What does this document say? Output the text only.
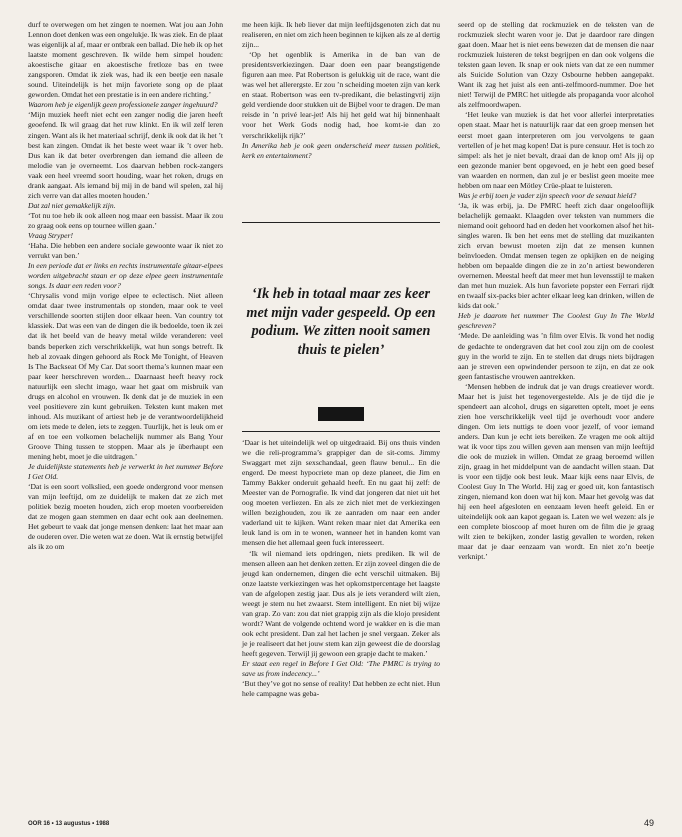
durf te overwegen om het zingen te noemen. Wat jou aan John Lennon doet denken was een ongelukje. Ik was ziek. En de plaat was eigenlijk al af, maar er ontbrak een ballad. Die heb ik op het laatste moment geschreven. Ik wilde hem simpel houden: akoestische gitaar en akoestische fretloze bas en twee zangsporen. Omdat ik ziek was, had ik een beetje een nasale sound. Uiteindelijk is het mijn favoriete song op de plaat geworden. Omdat het een prestatie is in een andere richting.’

Waarom heb je eigenlijk geen professionele zanger ingehuurd?

‘Mijn muziek heeft niet echt een zanger nodig die jaren heeft geoefend. Ik wil graag dat het ruw klinkt. En ik wil zelf leren zingen. Want als ik het materiaal schrijf, denk ik ook dat ik het ’t best kan zingen. Omdat ik het beste weet waar ik ’t over heb. Dus kan ik dat beter overbrengen dan iemand die alleen de melodie van je overneemt. Los daarvan hebben rock-zangers vaak een heel vreemd soort houding, waar het roken, drugs en drank aangaat. Als iemand bij mij in de band wil spelen, zal hij zich verre van dat alles moeten houden.’

Dat zal niet gemakkelijk zijn.

‘Tot nu toe heb ik ook alleen nog maar een bassist. Maar ik zou zo graag ook eens op tournee willen gaan.’

Vraag Stryper!

‘Haha. Die hebben een andere sociale gewoonte waar ik niet zo verrukt van ben.’

In een periode dat er links en rechts instrumentale gitaar-elpees worden uitgebracht staan er op deze elpee geen instrumentale songs. Is daar een reden voor?

‘Chrysalis vond mijn vorige elpee te eclectisch. Niet alleen omdat daar twee instrumentals op stonden, maar ook te veel verschillende soorten stijlen door elkaar heen. Van country tot klassiek. Dat was een van de dingen die ik bedoelde, toen ik zei dat ik het beeld van de heavy metal wilde veranderen: veel bands beperken zich verschrikkelijk, wat hun songs betreft. Ik heb al zovaak dingen gehoord als Rock Me Tonight, of Heaven Is The Backseat Of My Car. Dat soort thema’s kunnen maar een paar keer herschreven worden... Daarnaast heeft heavy rock natuurlijk een slecht imago, waar het gaat om misbruik van drugs en alcohol en vrouwen. Ik denk dat je de muziek in een veel positievere zin kunt gebruiken. Teksten kunt maken met inhoud. Als muzikant of artiest heb je de verantwoordelijkheid om iets mede te delen, iets te zeggen. Tuurlijk, het is leuk om er af en toe een volkomen belachelijk nummer als Bang Your Groove Thing tussen te stoppen. Maar als je überhaupt een mening hebt, moet je die uitdragen.’

Je duidelijkste statements heb je verwerkt in het nummer Before I Get Old.

‘Dat is een soort volkslied, een goede ondergrond voor mensen van mijn leeftijd, om ze duidelijk te maken dat ze zich met politiek bezig moeten houden, zich erop moeten voorbereiden dat ze mogen gaan stemmen en daar echt ook aan deelnemen. Het gebeurt te vaak dat jonge mensen denken: laat het maar aan de ouderen over. Die weten wat ze doen. Wat ik ernstig betwijfel als ik zo om

me heen kijk. Ik heb liever dat mijn leeftijdsgenoten zich dat nu realiseren, en niet om zich heen beginnen te kijken als ze al dertig zijn...

‘Op het ogenblik is Amerika in de ban van de presidentsverkiezingen. Daar doen een paar beangstigende figuren aan mee. Pat Robertson is gelukkig uit de race, want die was wel het allerergste. Er zou ’n scheiding moeten zijn van kerk en staat. Robertson was een tv-predikant, die belastingvrij zijn geld verdiende door stukken uit de Bijbel voor te dragen. De man reisde in ’n privé lear-jet! Als hij het geld wat hij binnenhaalt voor het Werk Gods nodig had, hoe komt-ie dan zo verschrikkelijk rijk?’

In Amerika heb je ook geen onderscheid meer tussen politiek, kerk en entertainment?

‘Ik heb in totaal maar zes keer met mijn vader gespeeld. Op een podium. We zitten nooit samen thuis te pielen’

‘Daar is het uiteindelijk wel op uitgedraaid. Bij ons thuis vinden we die reli-programma’s grappiger dan de sit-coms. Jimmy Swaggart met zijn sexschandaal, geen flauw benul... En die engerd. De meest hypocriete man op deze planeet, die Jim en Tammy Bakker onderuit gehaald heeft. En nu gaat hij zelf: de Meester van de Pornografie. Ik vind dat jongeren dat niet uit het oog moeten verliezen. En als ze zich niet met de verkiezingen willen bezighouden, zou ik ze aanraden om naar een ander vaderland uit te kijken. Want reken maar niet dat Amerika een leuk land is om in te wonen, wanneer het in handen komt van mensen die het allemaal geen fuck interesseert.

‘Ik wil niemand iets opdringen, niets prediken. Ik wil de mensen alleen aan het denken zetten. Er zijn zoveel dingen die de jeugd kan ondernemen, dingen die echt verschil uitmaken. Bij onze laatste verkiezingen was het opkomstpercentage het laagste van de afgelopen zestig jaar. Dus als je iets veranderd wilt zien, weegt je stem nu het zwaarst. Stem intelligent. En niet bij wijze van grap. Zo van: zou dat niet grappig zijn als die klojo president wordt? Want de volgende ochtend word je wakker en is die man ook echt president. Dan zal het lachen je snel vergaan. Zeker als je je realiseert dat het jouw stem kan zijn geweest die de doorslag heeft gegeven. Terwijl jij gewoon een grapje dacht te maken.’

Er staat een regel in Before I Get Old: ‘The PMRC is trying to save us from indecency...’

‘But they’ve got no sense of reality! Dat hebben ze echt niet. Hun hele campagne was geba-

seerd op de stelling dat rockmuziek en de teksten van de rockmuziek slecht waren voor je. Dat je daardoor rare dingen gaat doen. Maar het is niet eens bewezen dat de mensen die naar rockmuziek luisteren de tekst begrijpen en dan ook volgens die teksten gaan leven. Ik snap er ook niets van dat ze een nummer als Suicide Solution van Ozzy Osbourne hebben aangepakt. Want ik zag het juist als een anti-zelfmoord-nummer. Doe het niet! Terwijl de PMRC het uitlegde als propaganda voor alcohol als zelfmoordwapen.

‘Het leuke van muziek is dat het voor allerlei interpretaties open staat. Maar het is natuurlijk raar dat een groep mensen het eerst moet gaan interpreteren om jou vervolgens te gaan vertellen of je het mag kopen! Dat is pure censuur. Het is toch zo simpel: als het je niet bevalt, draai dan de knop om! Als jij op een gezonde manier bent opgevoed, en je hebt een goed besef van waarden en normen, dan zul je er beslist geen moeite mee hebben om naar een Mötley Crüe-plaat te luisteren.

Was je erbij toen je vader zijn speech voor de senaat hield?

‘Ja, ik was erbij, ja. De PMRC heeft zich daar ongelooflijk belachelijk gemaakt. Klaagden over teksten van nummers die niemand ooit gehoord had en deden het voorkomen alsof het hit-singles waren. Ik ben het eens met de stelling dat muzikanten zich ervan bewust moeten zijn dat ze mensen kunnen beïnvloeden. Omdat mensen tegen ze opkijken en de neiging hebben om bepaalde dingen die ze in zo’n artiest bewonderen overnemen. Meestal heeft dat meer met hun levensstijl te maken dan met hun muziek. Als hun favoriete popster een Ferrari rijdt en twaalf six-packs bier achter elkaar leeg kan drinken, willen de kids dat ook.’

Heb je daarom het nummer The Coolest Guy In The World geschreven?

‘Mede. De aanleiding was ’n film over Elvis. Ik vond het nodig de gedachte te ondergraven dat het cool zou zijn om de coolest guy in the world te zijn. En te stellen dat drugs niets bijdragen aan je streven een opwindender persoon te zijn, en dat ze ook geen fantastische vrouwen aantrekken.

‘Mensen hebben de indruk dat je van drugs creatiever wordt. Maar het is juist het tegenovergestelde. Als je de tijd die je spendeert aan alcohol, drugs en sigaretten optelt, moet je eens zien hoe verschrikkelijk veel tijd je overhoudt voor andere dingen. Om iets nuttigs te doen voor jezelf, of voor iemand anders. Dan kun je echt iets bereiken. Ze vragen me ook altijd wat ik voor tips zou willen geven aan mensen van mijn leeftijd die ook de muziek in willen. Omdat ze graag beroemd willen zijn, graag in het middelpunt van de aandacht willen staan. Dat is voor een tijdje ook best leuk. Maar kijk eens naar Elvis, de Coolest Guy In The World. Hij zag er goed uit, kon fantastisch zingen, niemand kon doen wat hij kon. Maar het gevolg was dat hij een heel afgesloten en eenzaam leven heeft geleid. En er uiteindelijk ook aan kapot gegaan is. Laten we wel wezen: als je een complete bioscoop af moet huren om de film die je graag wilt zien te bekijken, zonder lastig gevallen te worden, reken maar dat je daar eenzaam van wordt. En niet zo’n beetje verknipt.’

OOR 16 • 13 augustus • 1988	49
